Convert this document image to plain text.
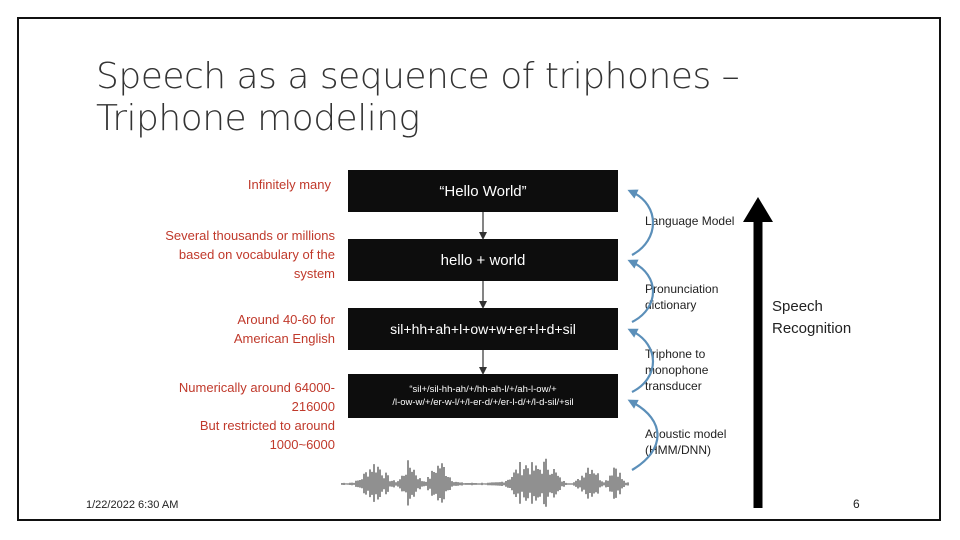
Speech as a sequence of triphones –
Triphone modeling
Infinitely many
Several thousands or millions based on vocabulary of the system
Around 40-60 for American English
Numerically around 64000-216000
But restricted to around 1000~6000
“Hello World”
hello + world
sil+hh+ah+l+ow+w+er+l+d+sil
“sil+/sil-hh-ah/+/hh-ah-l/+/ah-l-ow/+
/l-ow-w/+/er-w-l/+/l-er-d/+/er-l-d/+/l-d-sil/+sil
Language Model
Pronunciation dictionary
Triphone to monophone transducer
Acoustic model (HMM/DNN)
Speech Recognition
1/22/2022 6:30 AM	6
